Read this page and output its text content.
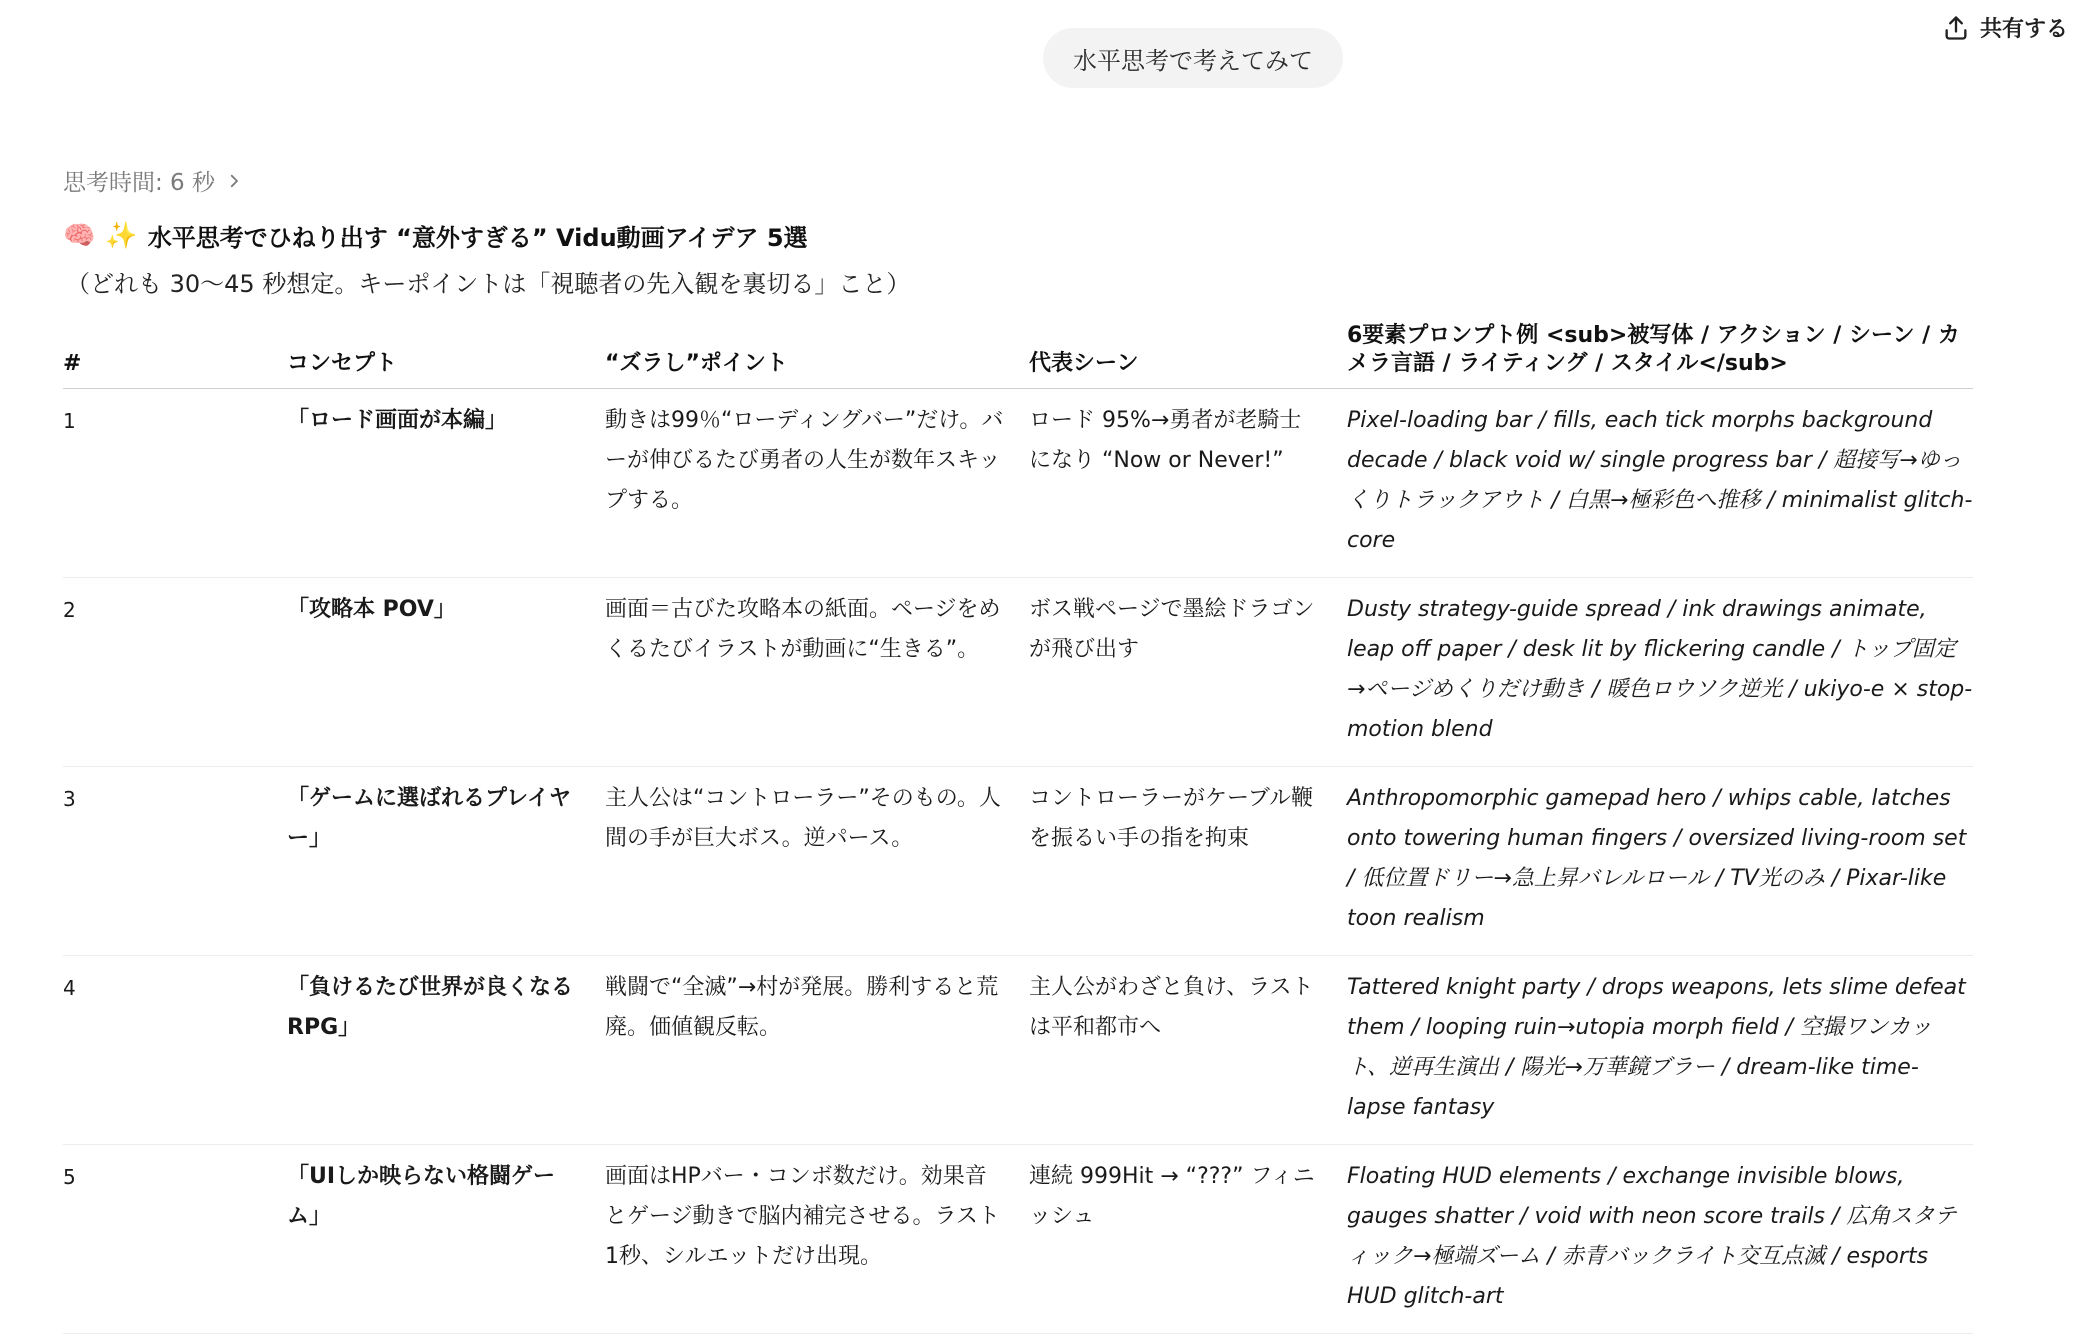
共有する
水平思考で考えてみて
思考時間: 6 秒
🧠 ✨ 水平思考でひねり出す “意外すぎる” Vidu動画アイデア 5選
（どれも 30〜45 秒想定。キーポイントは「視聴者の先入観を裏切る」こと）
#	コンセプト	“ズラし”ポイント	代表シーン	6要素プロンプト例 <sub>被写体 / アクション / シーン / カメラ言語 / ライティング / スタイル</sub>
1	「ロード画面が本編」	動きは99％“ローディングバー”だけ。バーが伸びるたび勇者の人生が数年スキップする。	ロード 95%→勇者が老騎士になり “Now or Never!”	Pixel-loading bar / fills, each tick morphs background decade / black void w/ single progress bar / 超接写→ゆっくりトラックアウト / 白黒→極彩色へ推移 / minimalist glitch-core
2	「攻略本 POV」	画面＝古びた攻略本の紙面。ページをめくるたびイラストが動画に“生きる”。	ボス戦ページで墨絵ドラゴンが飛び出す	Dusty strategy-guide spread / ink drawings animate, leap off paper / desk lit by flickering candle / トップ固定→ページめくりだけ動き / 暖色ロウソク逆光 / ukiyo-e × stop-motion blend
3	「ゲームに選ばれるプレイヤー」	主人公は“コントローラー”そのもの。人間の手が巨大ボス。逆パース。	コントローラーがケーブル鞭を振るい手の指を拘束	Anthropomorphic gamepad hero / whips cable, latches onto towering human fingers / oversized living-room set / 低位置ドリー→急上昇バレルロール / TV光のみ / Pixar-like toon realism
4	「負けるたび世界が良くなるRPG」	戦闘で“全滅”→村が発展。勝利すると荒廃。価値観反転。	主人公がわざと負け、ラストは平和都市へ	Tattered knight party / drops weapons, lets slime defeat them / looping ruin→utopia morph field / 空撮ワンカット、逆再生演出 / 陽光→万華鏡ブラー / dream-like time-lapse fantasy
5	「UIしか映らない格闘ゲーム」	画面はHPバー・コンボ数だけ。効果音とゲージ動きで脳内補完させる。ラスト1秒、シルエットだけ出現。	連続 999Hit → “???” フィニッシュ	Floating HUD elements / exchange invisible blows, gauges shatter / void with neon score trails / 広角スタティック→極端ズーム / 赤青バックライト交互点滅 / esports HUD glitch-art
